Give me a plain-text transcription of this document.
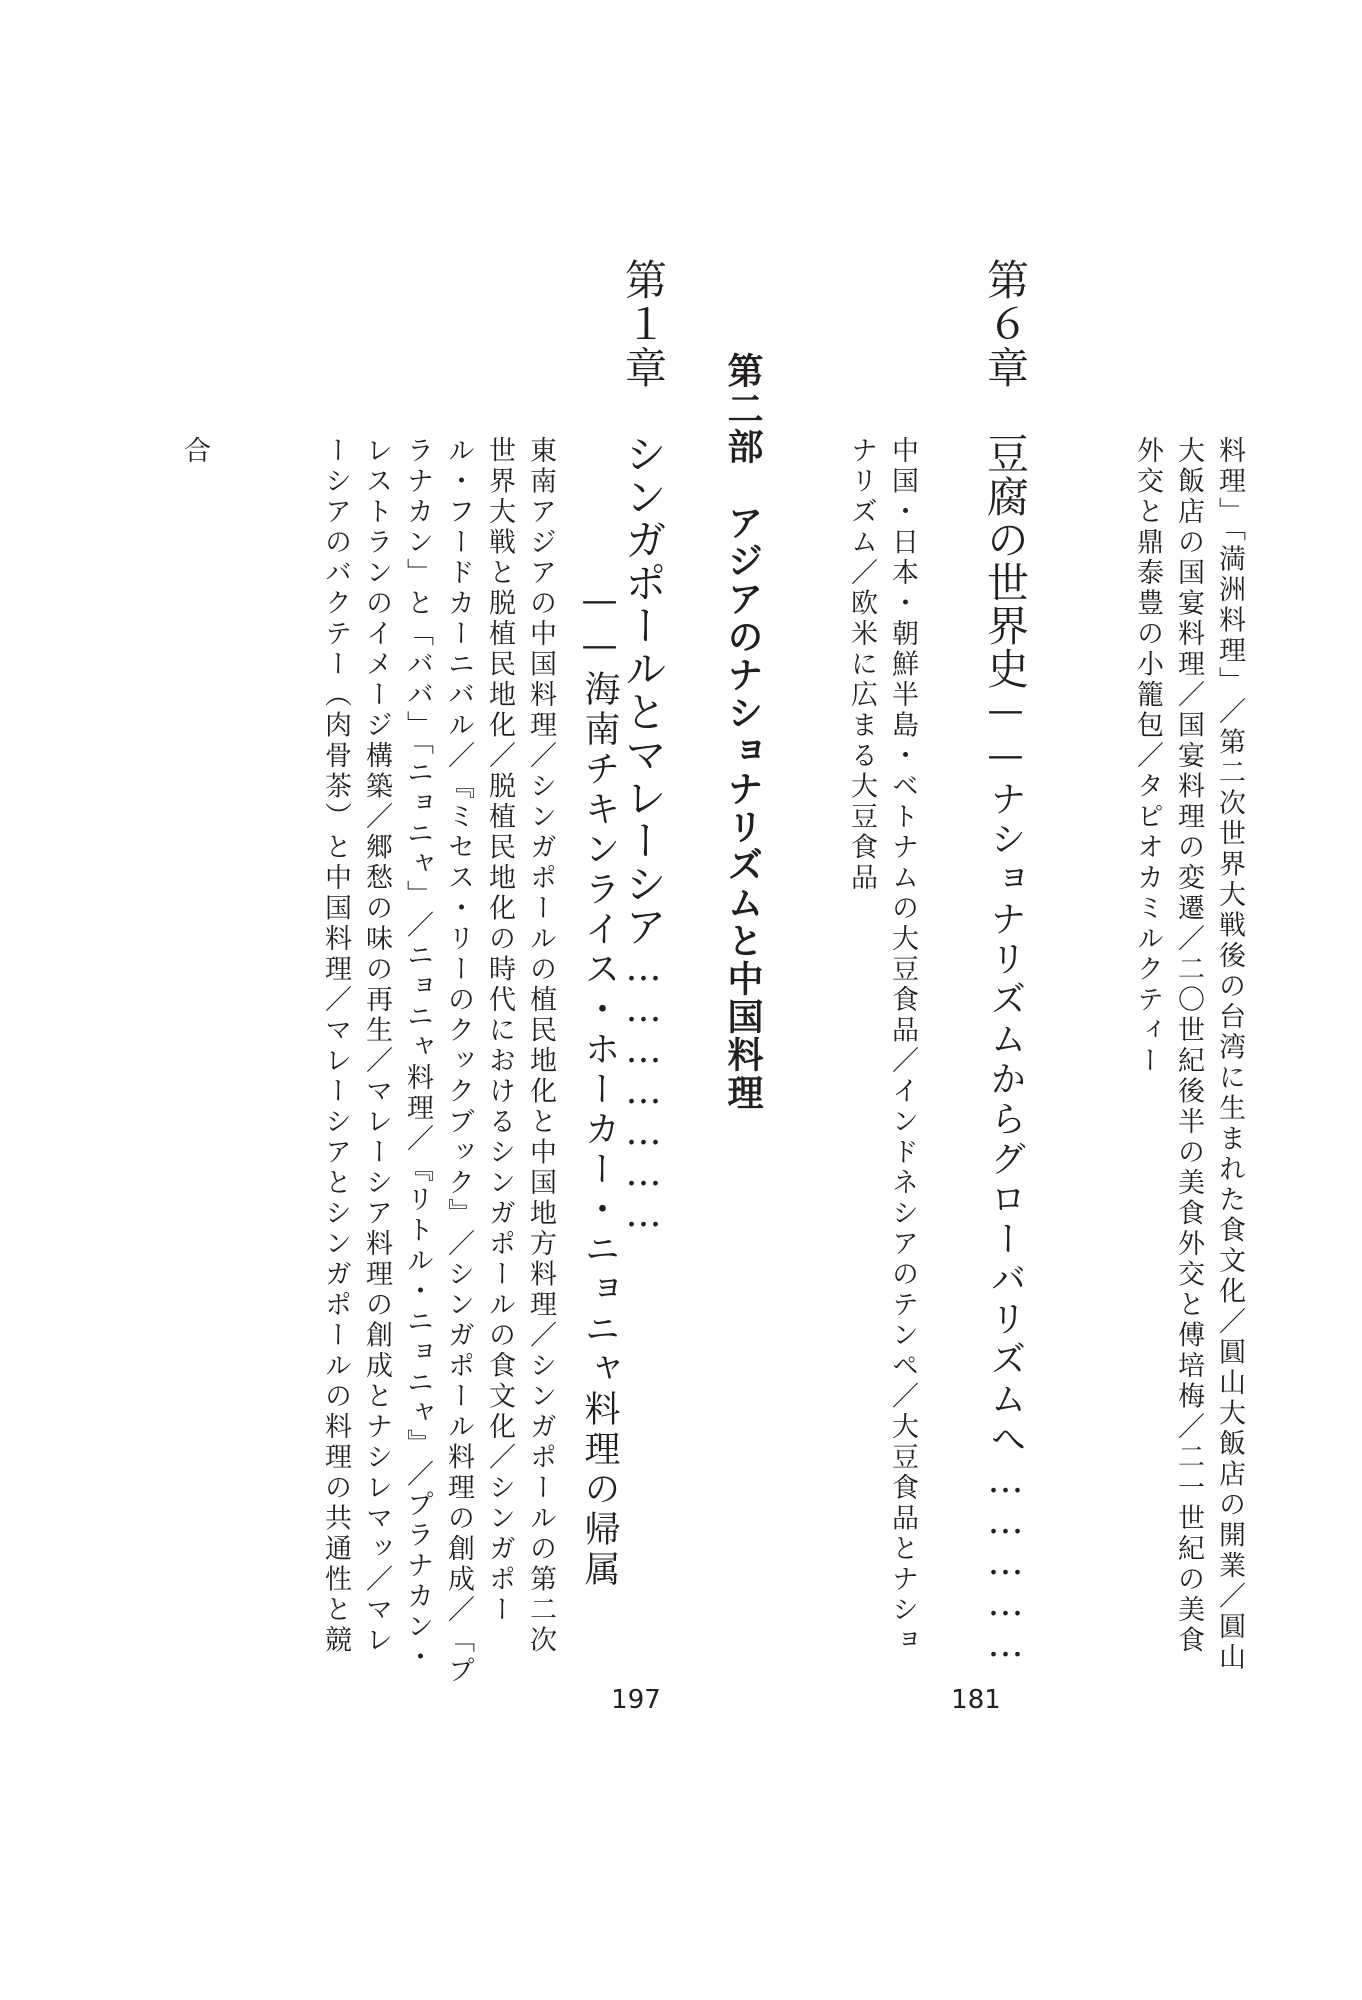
料理」「満洲料理」／第二次世界大戦後の台湾に生まれた食文化／圓山大飯店の開業／圓山

大飯店の国宴料理／国宴料理の変遷／二〇世紀後半の美食外交と傅培梅／二一世紀の美食

外交と鼎泰豊の小籠包／タピオカミルクティー

第６章

豆腐の世界史——ナショナリズムからグローバリズムへ……………

181

中国・日本・朝鮮半島・ベトナムの大豆食品／インドネシアのテンペ／大豆食品とナショ

ナリズム／欧米に広まる大豆食品

第二部　アジアのナショナリズムと中国料理

第１章

シンガポールとマレーシア…………………

——海南チキンライス・ホーカー・ニョニャ料理の帰属

197

東南アジアの中国料理／シンガポールの植民地化と中国地方料理／シンガポールの第二次

世界大戦と脱植民地化／脱植民地化の時代におけるシンガポールの食文化／シンガポー

ル・フードカーニバル／『ミセス・リーのクックブック』／シンガポール料理の創成／「プ

ラナカン」と「ババ」「ニョニャ」／ニョニャ料理／『リトル・ニョニャ』／プラナカン・

レストランのイメージ構築／郷愁の味の再生／マレーシア料理の創成とナシレマッ／マレ

ーシアのバクテー（肉骨茶）と中国料理／マレーシアとシンガポールの料理の共通性と競

合
